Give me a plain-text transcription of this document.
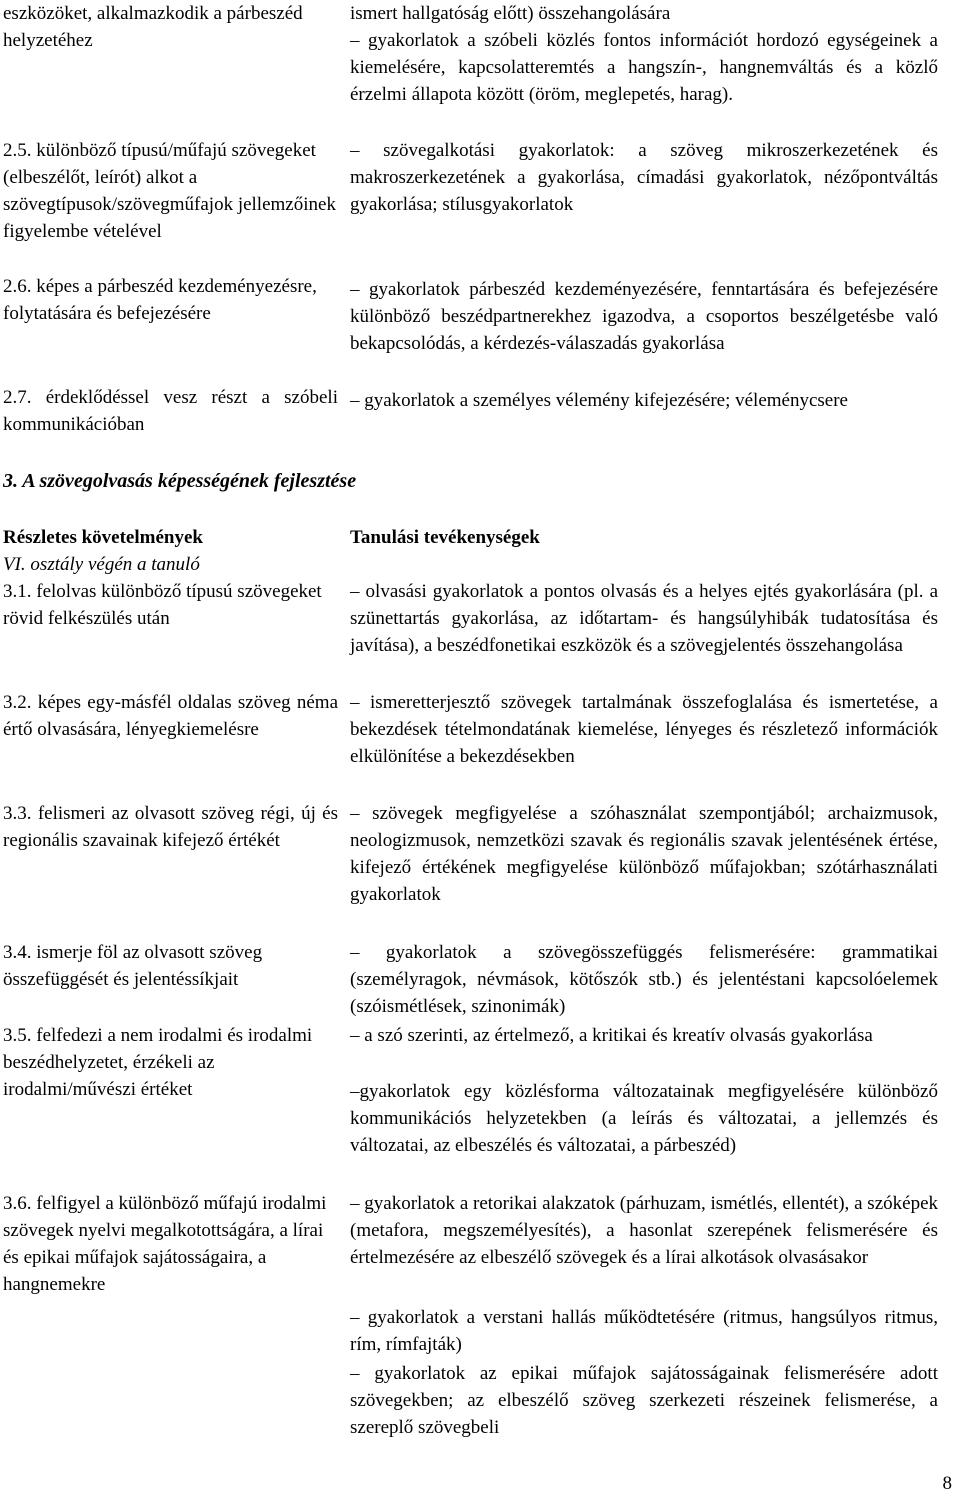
eszközöket, alkalmazkodik a párbeszéd helyzetéhez
2.5. különböző típusú/műfajú szövegeket (elbeszélőt, leírót) alkot a szövegtípusok/szövegműfajok jellemzőinek figyelembe vételével
2.6. képes a párbeszéd kezdeményezésre, folytatására és befejezésére
2.7. érdeklődéssel vesz részt a szóbeli kommunikációban
ismert hallgatóság előtt) összehangolására
– gyakorlatok a szóbeli közlés fontos információt hordozó egységeinek a kiemelésére, kapcsolatteremtés a hangszín-, hangnemváltás és a közlő érzelmi állapota között (öröm, meglepetés, harag).
– szövegalkotási gyakorlatok: a szöveg mikroszerkezetének és makroszerkezetének a gyakorlása, címadási gyakorlatok, nézőpontváltás gyakorlása; stílusgyakorlatok
– gyakorlatok párbeszéd kezdeményezésére, fenntartására és befejezésére különböző beszédpartnerekhez igazodva, a csoportos beszélgetésbe való bekapcsolódás, a kérdezés-válaszadás gyakorlása
– gyakorlatok a személyes vélemény kifejezésére; véleménycsere
3. A szövegolvasás képességének fejlesztése
Részletes követelmények
VI. osztály végén a tanuló
Tanulási tevékenységek
3.1. felolvas különböző típusú szövegeket rövid felkészülés után
3.2. képes egy-másfél oldalas szöveg néma értő olvasására, lényegkiemelésre
3.3. felismeri az olvasott szöveg régi, új és regionális szavainak kifejező értékét
3.4. ismerje föl az olvasott szöveg összefüggését és jelentéssíkjait
3.5. felfedezi a nem irodalmi és irodalmi beszédhelyzetet, érzékeli az irodalmi/művészi értéket
3.6. felfigyel a különböző műfajú irodalmi szövegek nyelvi megalkotottságára, a lírai és epikai műfajok sajátosságaira, a hangnemekre
– olvasási gyakorlatok a pontos olvasás és a helyes ejtés gyakorlására (pl. a szünettartás gyakorlása, az időtartam- és hangsúlyhibák tudatosítása és javítása), a beszédfonetikai eszközök és a szövegjelentés összehangolása
– ismeretterjesztő szövegek tartalmának összefoglalása és ismertetése, a bekezdések tételmondatának kiemelése, lényeges és részletező információk elkülönítése a bekezdésekben
– szövegek megfigyelése a szóhasználat szempontjából; archaizmusok, neologizmusok, nemzetközi szavak és regionális szavak jelentésének értése, kifejező értékének megfigyelése különböző műfajokban; szótárhasználati gyakorlatok
– gyakorlatok a szövegösszefüggés felismerésére: grammatikai (személyragok, névmások, kötőszók stb.) és jelentéstani kapcsolóelemek (szóismétlések, szinonimák)
– a szó szerinti, az értelmező, a kritikai és kreatív olvasás gyakorlása
–gyakorlatok egy közlésforma változatainak megfigyelésére különböző kommunikációs helyzetekben (a leírás és változatai, a jellemzés és változatai, az elbeszélés és változatai, a párbeszéd)
– gyakorlatok a retorikai alakzatok (párhuzam, ismétlés, ellentét), a szóképek (metafora, megszemélyesítés), a hasonlat szerepének felismerésére és értelmezésére az elbeszélő szövegek és a lírai alkotások olvasásakor
– gyakorlatok a verstani hallás működtetésére (ritmus, hangsúlyos ritmus, rím, rímfajták)
– gyakorlatok az epikai műfajok sajátosságainak felismerésére adott szövegekben; az elbeszélő szöveg szerkezeti részeinek felismerése, a szereplő szövegbeli
8
